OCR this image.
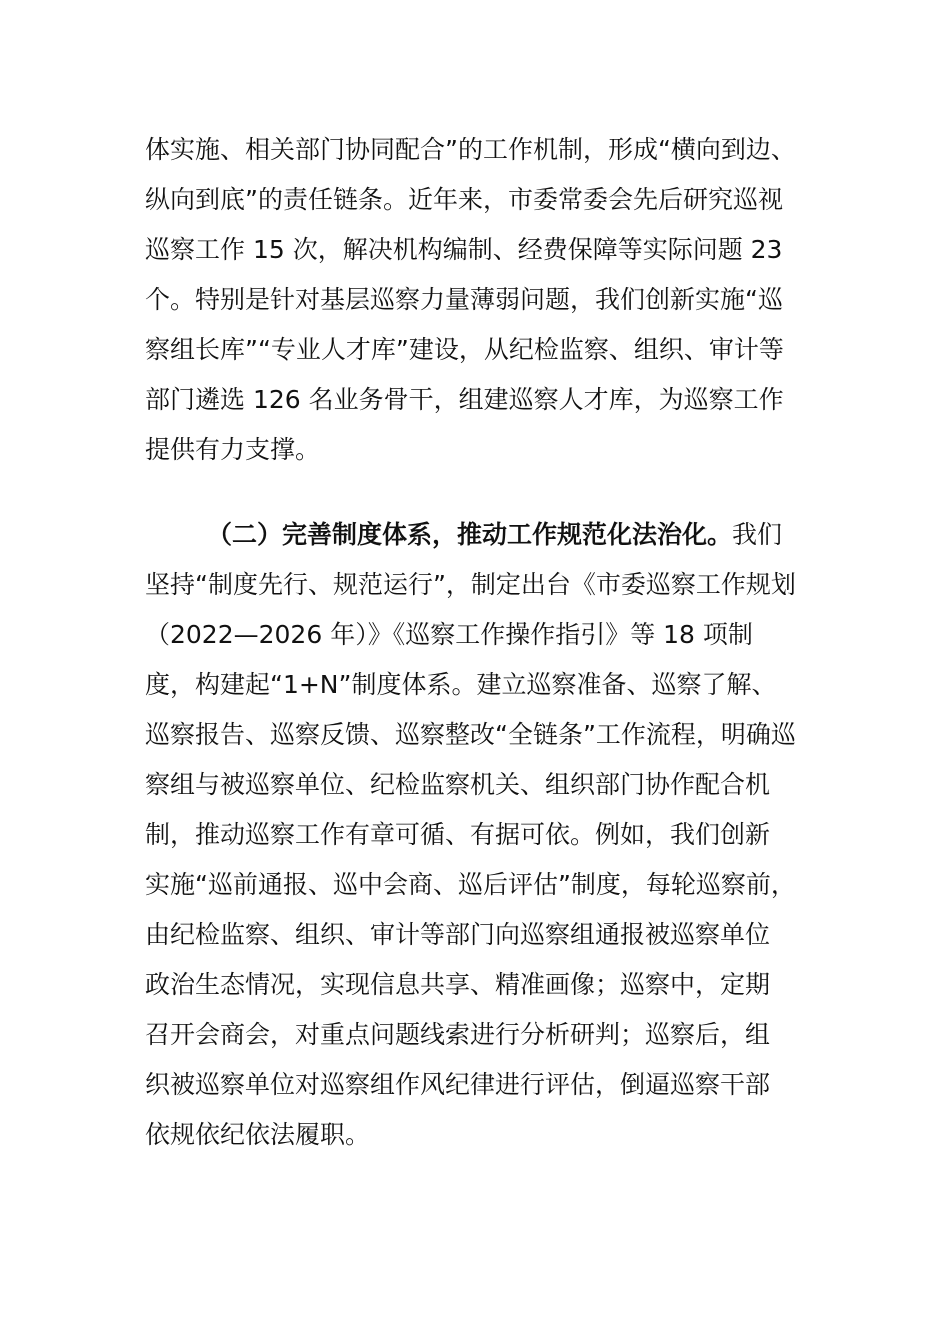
体实施、相关部门协同配合”的工作机制，形成“横向到边、
纵向到底”的责任链条。近年来，市委常委会先后研究巡视
巡察工作 15 次，解决机构编制、经费保障等实际问题 23
个。特别是针对基层巡察力量薄弱问题，我们创新实施“巡
察组长库”“专业人才库”建设，从纪检监察、组织、审计等
部门遴选 126 名业务骨干，组建巡察人才库，为巡察工作
提供有力支撑。
（二）完善制度体系，推动工作规范化法治化。我们
坚持“制度先行、规范运行”，制定出台《市委巡察工作规划
（2022—2026 年）》《巡察工作操作指引》等 18 项制
度，构建起“1+N”制度体系。建立巡察准备、巡察了解、
巡察报告、巡察反馈、巡察整改“全链条”工作流程，明确巡
察组与被巡察单位、纪检监察机关、组织部门协作配合机
制，推动巡察工作有章可循、有据可依。例如，我们创新
实施“巡前通报、巡中会商、巡后评估”制度，每轮巡察前，
由纪检监察、组织、审计等部门向巡察组通报被巡察单位
政治生态情况，实现信息共享、精准画像；巡察中，定期
召开会商会，对重点问题线索进行分析研判；巡察后，组
织被巡察单位对巡察组作风纪律进行评估，倒逼巡察干部
依规依纪依法履职。
